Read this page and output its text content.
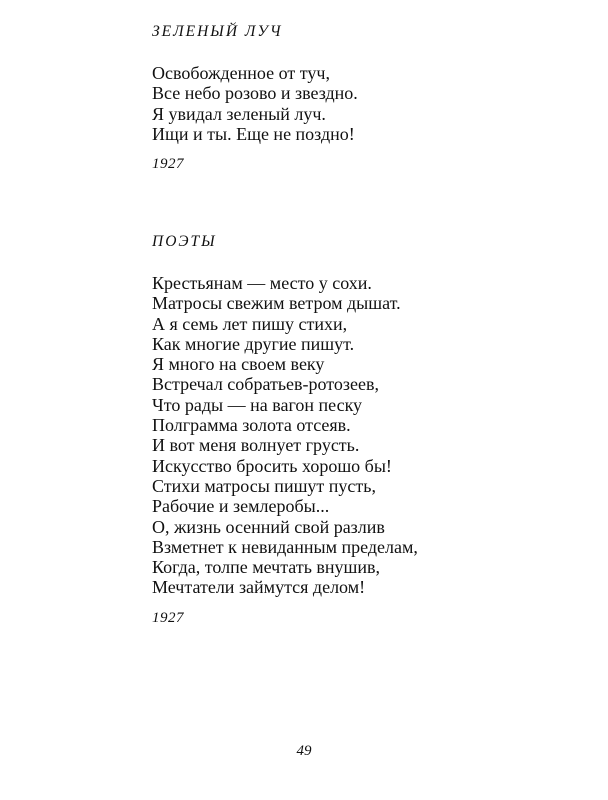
ЗЕЛЕНЫЙ ЛУЧ
Освобожденное от туч,
Все небо розово и звездно.
Я увидал зеленый луч.
Ищи и ты. Еще не поздно!
1927
ПОЭТЫ
Крестьянам — место у сохи.
Матросы свежим ветром дышат.
А я семь лет пишу стихи,
Как многие другие пишут.
Я много на своем веку
Встречал собратьев-ротозеев,
Что рады — на вагон песку
Полграмма золота отсеяв.
И вот меня волнует грусть.
Искусство бросить хорошо бы!
Стихи матросы пишут пусть,
Рабочие и землеробы...
О, жизнь осенний свой разлив
Взметнет к невиданным пределам,
Когда, толпе мечтать внушив,
Мечтатели займутся делом!
1927
49
